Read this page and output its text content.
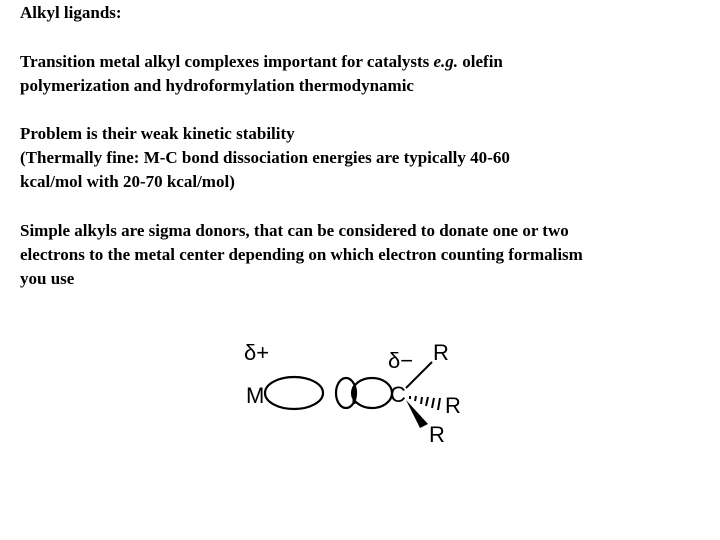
Alkyl ligands:
Transition metal alkyl complexes important for catalysts e.g. olefin
polymerization and hydroformylation thermodynamic
Problem is their weak kinetic stability
(Thermally fine: M-C bond dissociation energies are typically 40-60
kcal/mol with 20-70 kcal/mol)
Simple alkyls are sigma donors, that can be considered to donate one or two
electrons to the metal center depending on which electron counting formalism
you use
δ+	δ−
M	C
R
R
R
